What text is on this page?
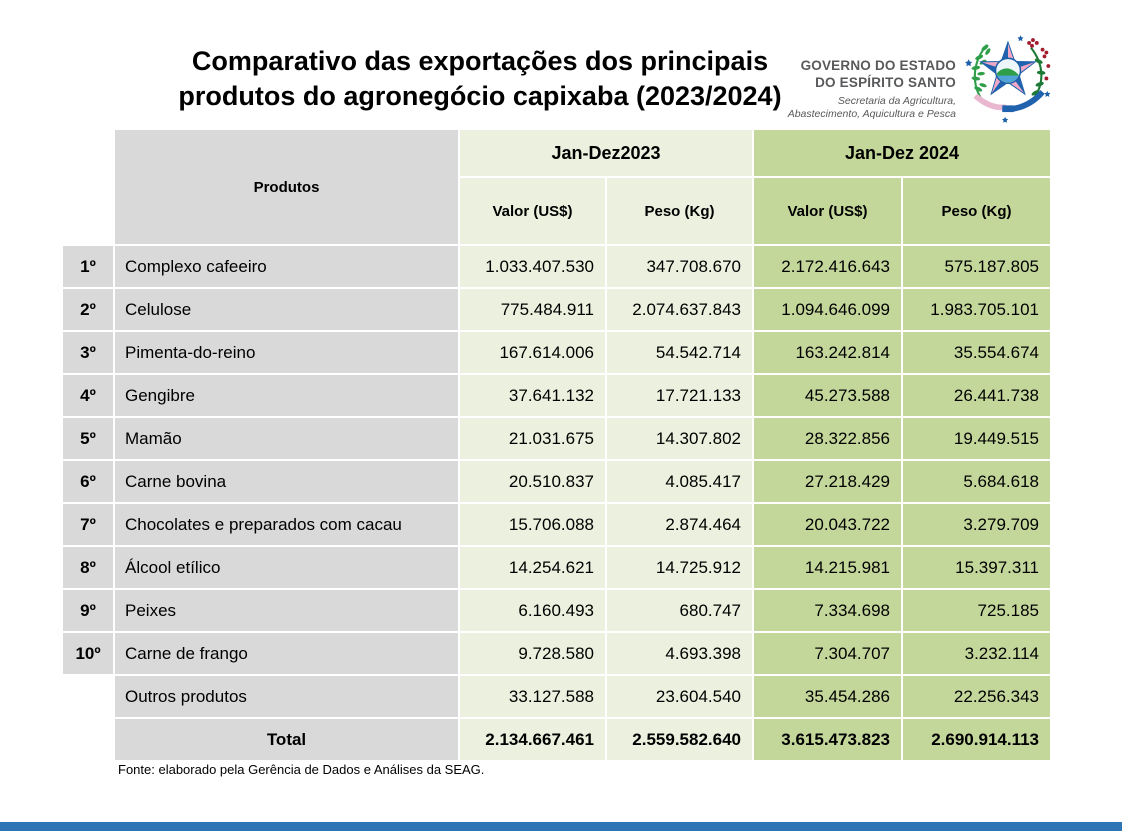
Comparativo das exportações dos principais
produtos do agronegócio capixaba (2023/2024)
GOVERNO DO ESTADO
DO ESPÍRITO SANTO
Secretaria da Agricultura,
Abastecimento, Aquicultura e Pesca
	Produtos	Jan-Dez2023		Jan-Dez 2024	
		Valor (US$)	Peso (Kg)	Valor (US$)	Peso (Kg)
1º	Complexo cafeeiro	1.033.407.530	347.708.670	2.172.416.643	575.187.805
2º	Celulose	775.484.911	2.074.637.843	1.094.646.099	1.983.705.101
3º	Pimenta-do-reino	167.614.006	54.542.714	163.242.814	35.554.674
4º	Gengibre	37.641.132	17.721.133	45.273.588	26.441.738
5º	Mamão	21.031.675	14.307.802	28.322.856	19.449.515
6º	Carne bovina	20.510.837	4.085.417	27.218.429	5.684.618
7º	Chocolates e preparados com cacau	15.706.088	2.874.464	20.043.722	3.279.709
8º	Álcool etílico	14.254.621	14.725.912	14.215.981	15.397.311
9º	Peixes	6.160.493	680.747	7.334.698	725.185
10º	Carne de frango	9.728.580	4.693.398	7.304.707	3.232.114
	Outros produtos	33.127.588	23.604.540	35.454.286	22.256.343
	Total	2.134.667.461	2.559.582.640	3.615.473.823	2.690.914.113
Fonte: elaborado pela Gerência de Dados e Análises da SEAG.
